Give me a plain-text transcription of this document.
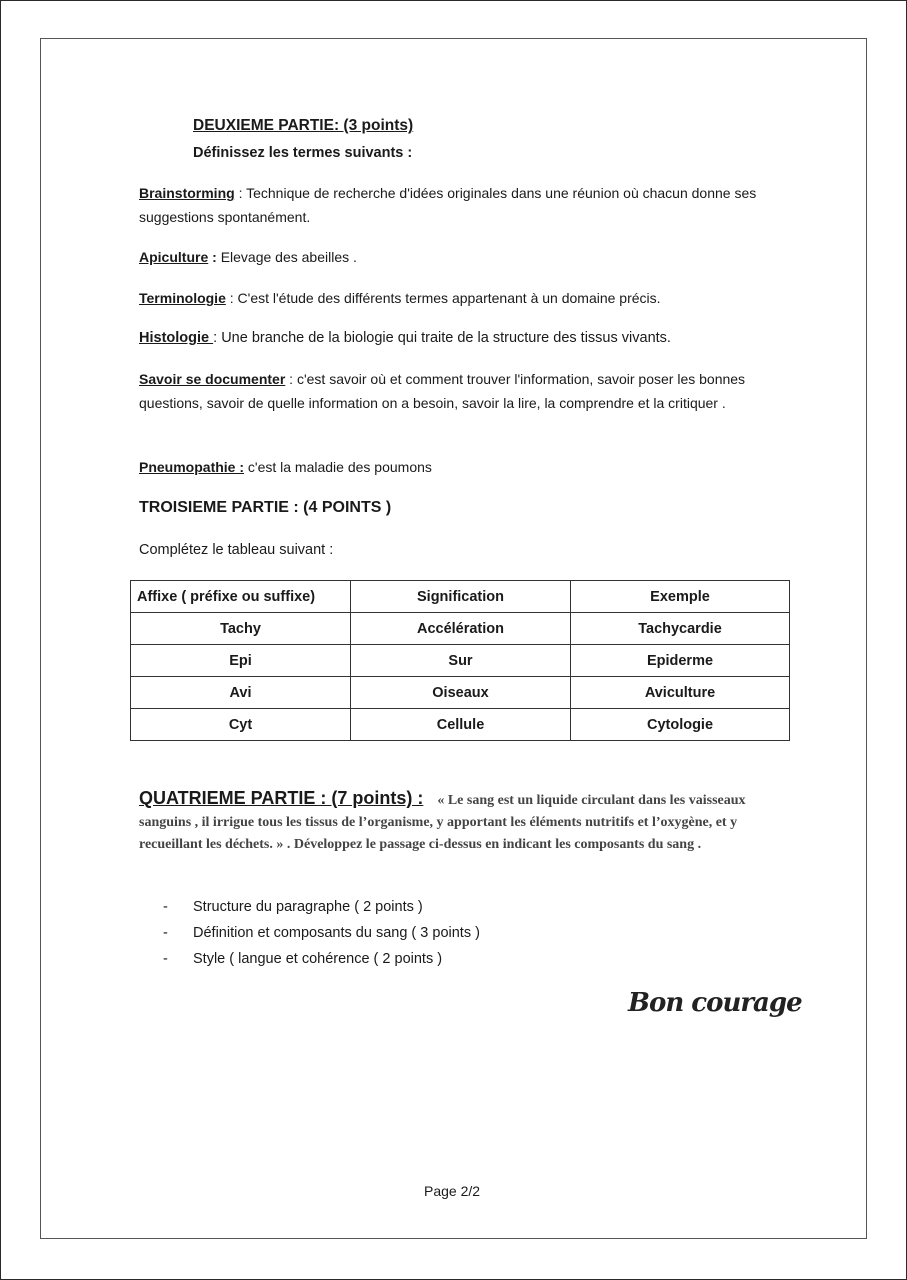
DEUXIEME PARTIE: (3 points)
Définissez les termes suivants :
Brainstorming : Technique de recherche d'idées originales dans une réunion où chacun donne ses suggestions spontanément.
Apiculture : Elevage des abeilles .
Terminologie : C'est l'étude des différents termes appartenant à un domaine précis.
Histologie : Une branche de la biologie qui traite de la structure des tissus vivants.
Savoir se documenter : c'est savoir où et comment trouver l'information, savoir poser les bonnes questions, savoir de quelle information on a besoin, savoir la lire, la comprendre et la critiquer .
Pneumopathie : c'est la maladie des poumons
TROISIEME PARTIE : (4 POINTS )
Complétez le tableau suivant :
Affixe ( préfixe ou suffixe)	Signification	Exemple
Tachy	Accélération	Tachycardie
Epi	Sur	Epiderme
Avi	Oiseaux	Aviculture
Cyt	Cellule	Cytologie
QUATRIEME PARTIE : (7 points) : « Le sang est un liquide circulant dans les vaisseaux sanguins , il irrigue tous les tissus de l’organisme, y apportant les éléments nutritifs et l’oxygène, et y recueillant les déchets. » . Développez le passage ci-dessus en indicant les composants du sang .
- Structure du paragraphe ( 2 points )
- Définition et composants du sang ( 3 points )
- Style ( langue et cohérence ( 2 points )
Bon courage
Page 2/2
